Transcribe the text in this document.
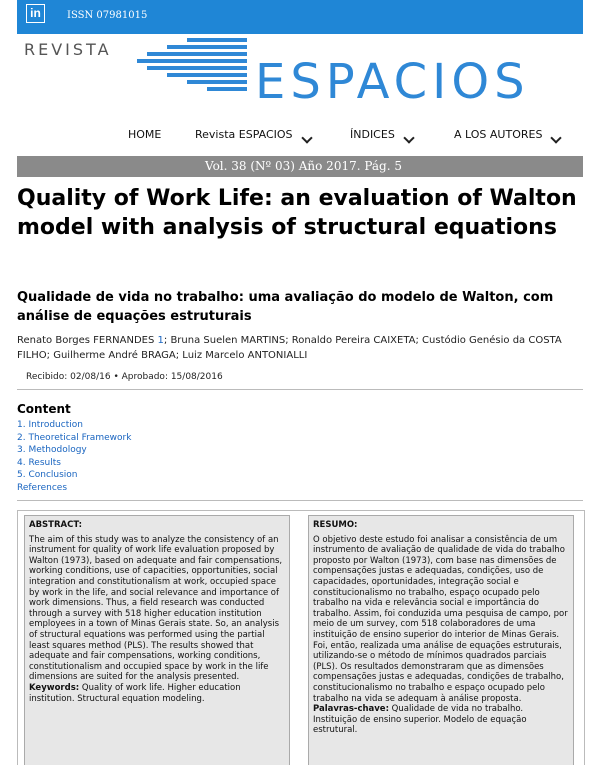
in	ISSN 07981015
REVISTA
ESPACIOS
HOME	Revista ESPACIOS	ÍNDICES	A LOS AUTORES
Vol. 38 (Nº 03) Año 2017. Pág. 5
Quality of Work Life: an evaluation of Walton model with analysis of structural equations
Qualidade de vida no trabalho: uma avaliação do modelo de Walton, com análise de equações estruturais
Renato Borges FERNANDES 1; Bruna Suelen MARTINS; Ronaldo Pereira CAIXETA; Custódio Genésio da COSTA FILHO; Guilherme André BRAGA; Luiz Marcelo ANTONIALLI
Recibido: 02/08/16 • Aprobado: 15/08/2016
Content
1. Introduction
2. Theoretical Framework
3. Methodology
4. Results
5. Conclusion
References
ABSTRACT:
The aim of this study was to analyze the consistency of an instrument for quality of work life evaluation proposed by Walton (1973), based on adequate and fair compensations, working conditions, use of capacities, opportunities, social integration and constitutionalism at work, occupied space by work in the life, and social relevance and importance of work dimensions. Thus, a field research was conducted through a survey with 518 higher education institution employees in a town of Minas Gerais state. So, an analysis of structural equations was performed using the partial least squares method (PLS). The results showed that adequate and fair compensations, working conditions, constitutionalism and occupied space by work in the life dimensions are suited for the analysis presented.
Keywords: Quality of work life. Higher education institution. Structural equation modeling.
RESUMO:
O objetivo deste estudo foi analisar a consistência de um instrumento de avaliação de qualidade de vida do trabalho proposto por Walton (1973), com base nas dimensões de compensações justas e adequadas, condições, uso de capacidades, oportunidades, integração social e constitucionalismo no trabalho, espaço ocupado pelo trabalho na vida e relevância social e importância do trabalho. Assim, foi conduzida uma pesquisa de campo, por meio de um survey, com 518 colaboradores de uma instituição de ensino superior do interior de Minas Gerais. Foi, então, realizada uma análise de equações estruturais, utilizando-se o método de mínimos quadrados parciais (PLS). Os resultados demonstraram que as dimensões compensações justas e adequadas, condições de trabalho, constitucionalismo no trabalho e espaço ocupado pelo trabalho na vida se adequam à análise proposta.
Palavras-chave: Qualidade de vida no trabalho. Instituição de ensino superior. Modelo de equação estrutural.
